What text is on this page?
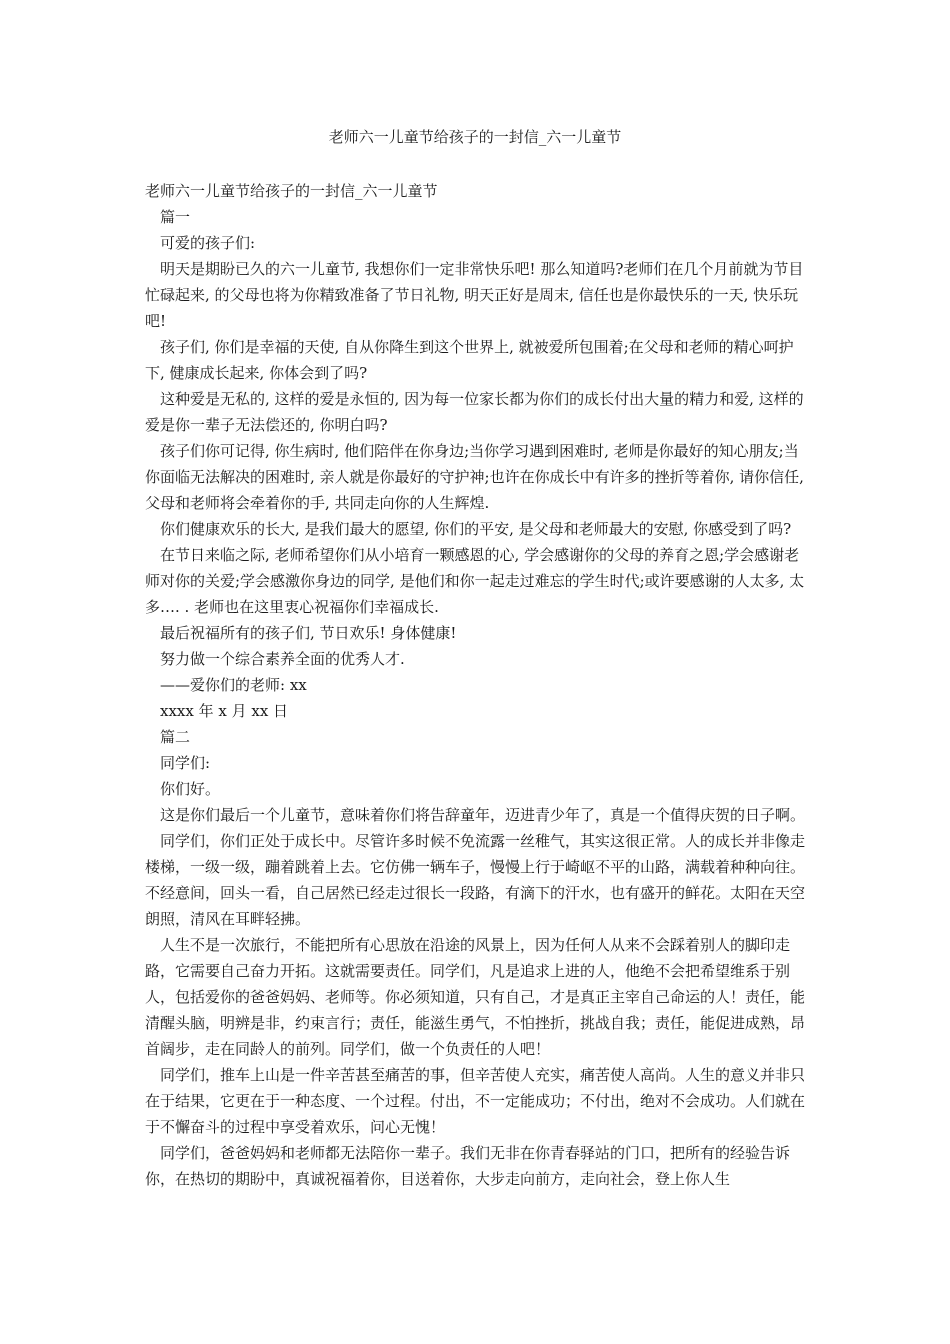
老师六一儿童节给孩子的一封信_六一儿童节

老师六一儿童节给孩子的一封信_六一儿童节

篇一

可爱的孩子们:

明天是期盼已久的六一儿童节, 我想你们一定非常快乐吧! 那么知道吗?老师们在几个月前就为节目忙碌起来, 的父母也将为你精致准备了节日礼物, 明天正好是周末, 信任也是你最快乐的一天, 快乐玩吧!

孩子们, 你们是幸福的天使, 自从你降生到这个世界上, 就被爱所包围着;在父母和老师的精心呵护下, 健康成长起来, 你体会到了吗?

这种爱是无私的, 这样的爱是永恒的, 因为每一位家长都为你们的成长付出大量的精力和爱, 这样的爱是你一辈子无法偿还的, 你明白吗?

孩子们你可记得, 你生病时, 他们陪伴在你身边;当你学习遇到困难时, 老师是你最好的知心朋友;当你面临无法解决的困难时, 亲人就是你最好的守护神;也许在你成长中有许多的挫折等着你, 请你信任, 父母和老师将会牵着你的手, 共同走向你的人生辉煌.

你们健康欢乐的长大, 是我们最大的愿望, 你们的平安, 是父母和老师最大的安慰, 你感受到了吗?

在节日来临之际, 老师希望你们从小培育一颗感恩的心, 学会感谢你的父母的养育之恩;学会感谢老师对你的关爱;学会感激你身边的同学, 是他们和你一起走过难忘的学生时代;或许要感谢的人太多, 太多…. . 老师也在这里衷心祝福你们幸福成长.

最后祝福所有的孩子们, 节日欢乐! 身体健康!

努力做一个综合素养全面的优秀人才.

——爱你们的老师: xx

xxxx 年 x 月 xx 日

篇二

同学们:

你们好。

这是你们最后一个儿童节，意味着你们将告辞童年，迈进青少年了，真是一个值得庆贺的日子啊。

同学们，你们正处于成长中。尽管许多时候不免流露一丝稚气，其实这很正常。人的成长并非像走楼梯，一级一级，蹦着跳着上去。它仿佛一辆车子，慢慢上行于崎岖不平的山路，满载着种种向往。不经意间，回头一看，自己居然已经走过很长一段路，有滴下的汗水，也有盛开的鲜花。太阳在天空朗照，清风在耳畔轻拂。

人生不是一次旅行，不能把所有心思放在沿途的风景上，因为任何人从来不会踩着别人的脚印走路，它需要自己奋力开拓。这就需要责任。同学们，凡是追求上进的人，他绝不会把希望维系于别人，包括爱你的爸爸妈妈、老师等。你必须知道，只有自己，才是真正主宰自己命运的人！责任，能清醒头脑，明辨是非，约束言行；责任，能滋生勇气，不怕挫折，挑战自我；责任，能促进成熟，昂首阔步，走在同龄人的前列。同学们，做一个负责任的人吧！

同学们，推车上山是一件辛苦甚至痛苦的事，但辛苦使人充实，痛苦使人高尚。人生的意义并非只在于结果，它更在于一种态度、一个过程。付出，不一定能成功；不付出，绝对不会成功。人们就在于不懈奋斗的过程中享受着欢乐，问心无愧！

同学们，爸爸妈妈和老师都无法陪你一辈子。我们无非在你青春驿站的门口，把所有的经验告诉你，在热切的期盼中，真诚祝福着你，目送着你，大步走向前方，走向社会，登上你人生
